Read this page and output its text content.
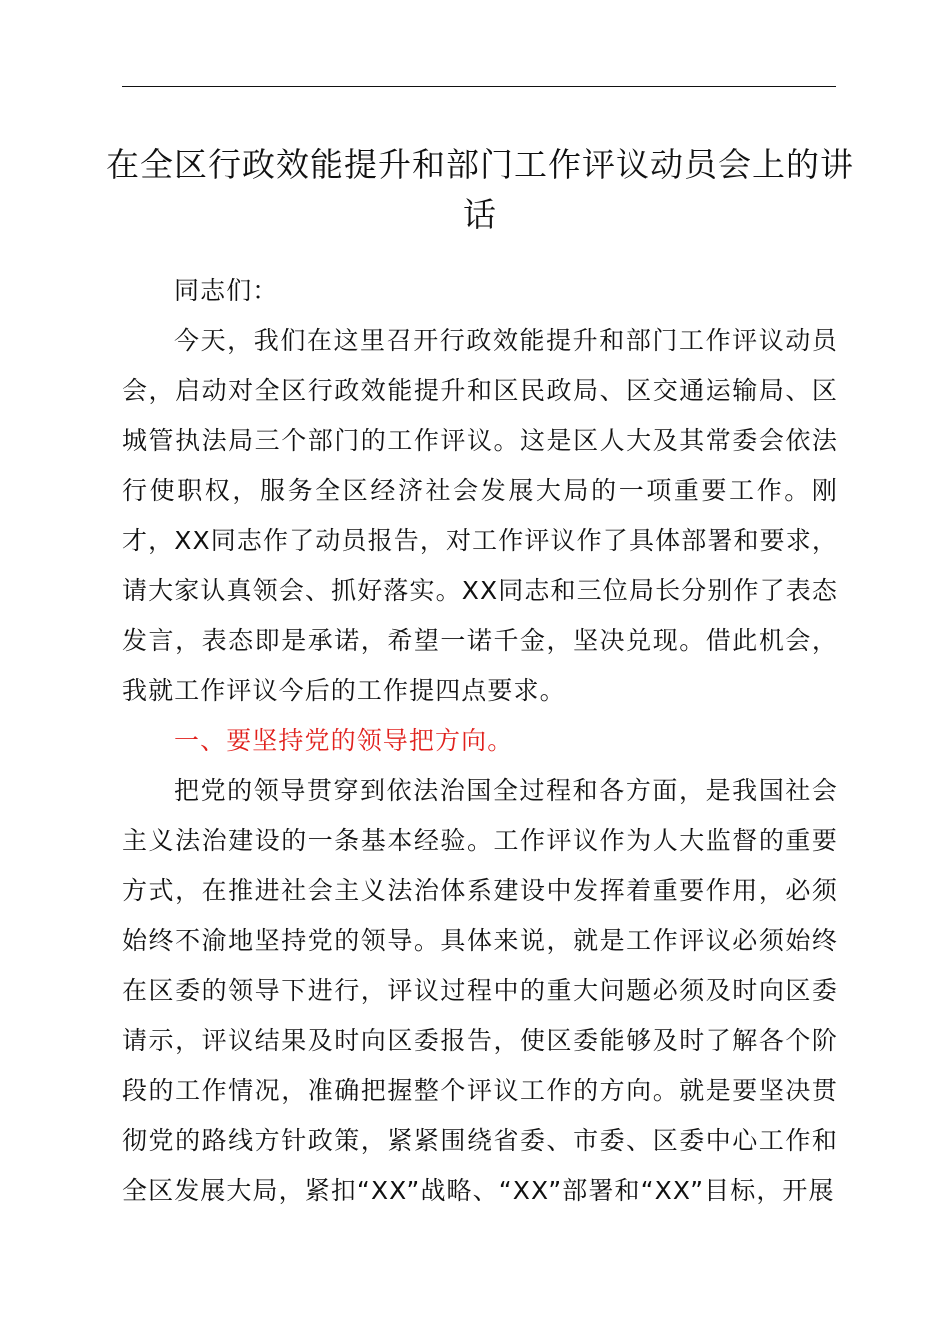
在全区行政效能提升和部门工作评议动员会上的讲话

同志们：

今天，我们在这里召开行政效能提升和部门工作评议动员会，启动对全区行政效能提升和区民政局、区交通运输局、区城管执法局三个部门的工作评议。这是区人大及其常委会依法行使职权，服务全区经济社会发展大局的一项重要工作。刚才，XX同志作了动员报告，对工作评议作了具体部署和要求，请大家认真领会、抓好落实。XX同志和三位局长分别作了表态发言，表态即是承诺，希望一诺千金，坚决兑现。借此机会，我就工作评议今后的工作提四点要求。

一、要坚持党的领导把方向。

把党的领导贯穿到依法治国全过程和各方面，是我国社会主义法治建设的一条基本经验。工作评议作为人大监督的重要方式，在推进社会主义法治体系建设中发挥着重要作用，必须始终不渝地坚持党的领导。具体来说，就是工作评议必须始终在区委的领导下进行，评议过程中的重大问题必须及时向区委请示，评议结果及时向区委报告，使区委能够及时了解各个阶段的工作情况，准确把握整个评议工作的方向。就是要坚决贯彻党的路线方针政策，紧紧围绕省委、市委、区委中心工作和全区发展大局，紧扣“XX”战略、“XX”部署和“XX”目标，开展
